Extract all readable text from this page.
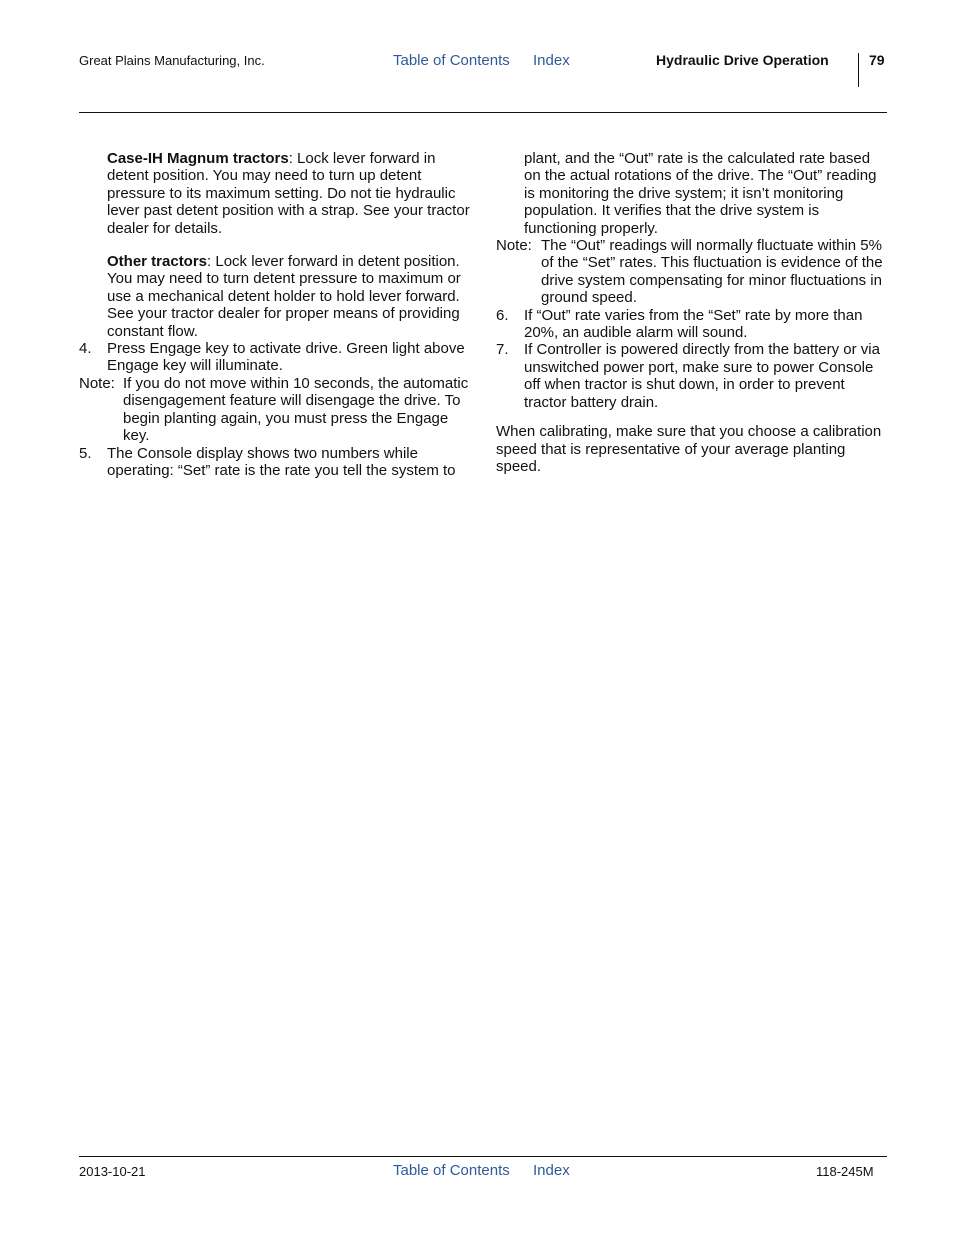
Great Plains Manufacturing, Inc.	Table of Contents Index	Hydraulic Drive Operation	79

Case-IH Magnum tractors: Lock lever forward in detent position. You may need to turn up detent pressure to its maximum setting. Do not tie hydraulic lever past detent position with a strap. See your tractor dealer for details.

Other tractors: Lock lever forward in detent position. You may need to turn detent pressure to maximum or use a mechanical detent holder to hold lever forward. See your tractor dealer for proper means of providing constant flow.

4. Press Engage key to activate drive. Green light above Engage key will illuminate.
Note: If you do not move within 10 seconds, the automatic disengagement feature will disengage the drive. To begin planting again, you must press the Engage key.
5. The Console display shows two numbers while operating: “Set” rate is the rate you tell the system to

plant, and the “Out” rate is the calculated rate based on the actual rotations of the drive. The “Out” reading is monitoring the drive system; it isn’t monitoring population. It verifies that the drive system is functioning properly.

Note: The “Out” readings will normally fluctuate within 5% of the “Set” rates. This fluctuation is evidence of the drive system compensating for minor fluctuations in ground speed.
6. If “Out” rate varies from the “Set” rate by more than 20%, an audible alarm will sound.
7. If Controller is powered directly from the battery or via unswitched power port, make sure to power Console off when tractor is shut down, in order to prevent tractor battery drain.

When calibrating, make sure that you choose a calibration speed that is representative of your average planting speed.

2013-10-21	Table of Contents Index	118-245M
